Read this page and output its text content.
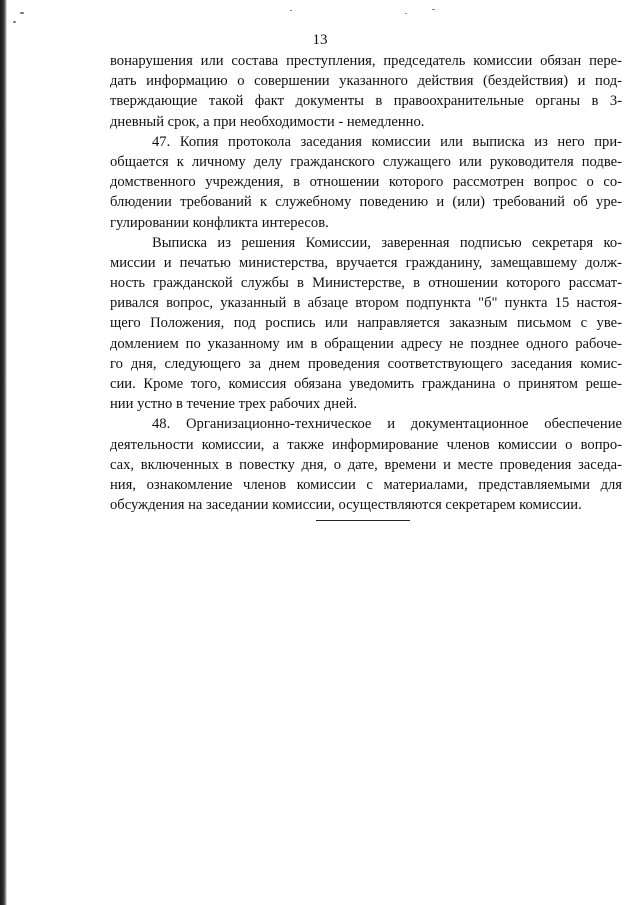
13
вонарушения или состава преступления, председатель комиссии обязан пере-
дать информацию о совершении указанного действия (бездействия) и под-
тверждающие такой факт документы в правоохранительные органы в 3-
дневный срок, а при необходимости - немедленно.
47. Копия протокола заседания комиссии или выписка из него при-
общается к личному делу гражданского служащего или руководителя подве-
домственного учреждения, в отношении которого рассмотрен вопрос о со-
блюдении требований к служебному поведению и (или) требований об уре-
гулировании конфликта интересов.
Выписка из решения Комиссии, заверенная подписью секретаря ко-
миссии и печатью министерства, вручается гражданину, замещавшему долж-
ность гражданской службы в Министерстве, в отношении которого рассмат-
ривался вопрос, указанный в абзаце втором подпункта "б" пункта 15 настоя-
щего Положения, под роспись или направляется заказным письмом с уве-
домлением по указанному им в обращении адресу не позднее одного рабоче-
го дня, следующего за днем проведения соответствующего заседания комис-
сии. Кроме того, комиссия обязана уведомить гражданина о принятом реше-
нии устно в течение трех рабочих дней.
48. Организационно-техническое и документационное обеспечение
деятельности комиссии, а также информирование членов комиссии о вопро-
сах, включенных в повестку дня, о дате, времени и месте проведения заседа-
ния, ознакомление членов комиссии с материалами, представляемыми для
обсуждения на заседании комиссии, осуществляются секретарем комиссии.
